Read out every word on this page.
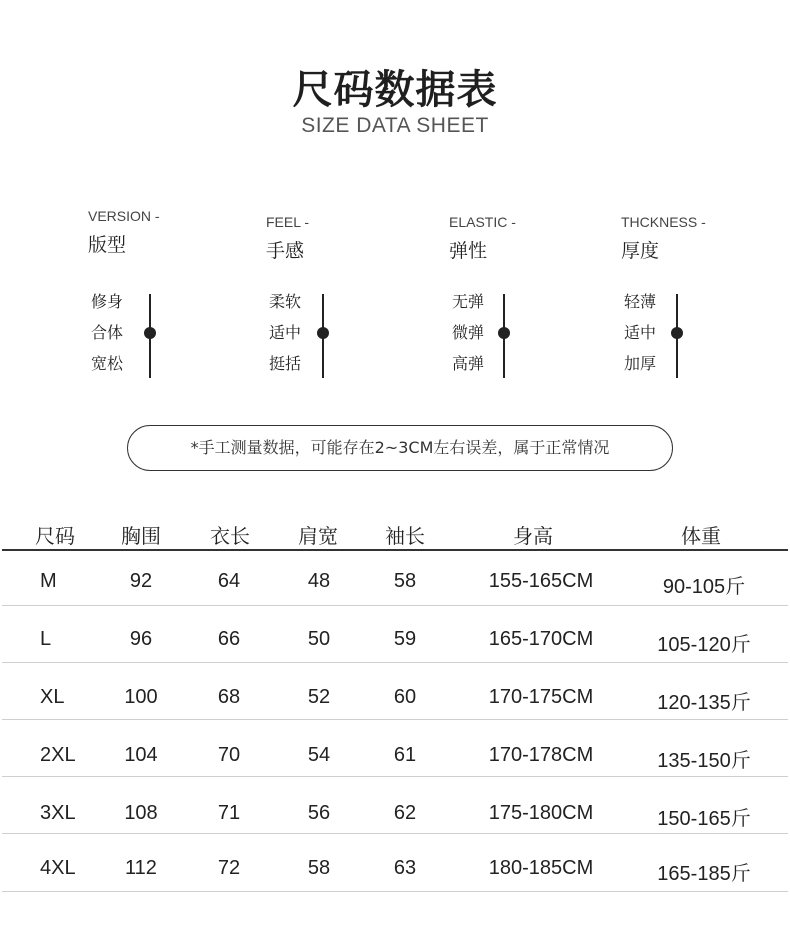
尺码数据表
SIZE DATA SHEET
VERSION -
版型
修身
合体
宽松
FEEL -
手感
柔软
适中
挺括
ELASTIC -
弹性
无弹
微弹
高弹
THCKNESS -
厚度
轻薄
适中
加厚
*手工测量数据，可能存在2~3CM左右误差，属于正常情况
尺码	胸围	衣长	肩宽	袖长	身高	体重
M	92	64	48	58	155-165CM	90-105斤
L	96	66	50	59	165-170CM	105-120斤
XL	100	68	52	60	170-175CM	120-135斤
2XL	104	70	54	61	170-178CM	135-150斤
3XL	108	71	56	62	175-180CM	150-165斤
4XL	112	72	58	63	180-185CM	165-185斤
